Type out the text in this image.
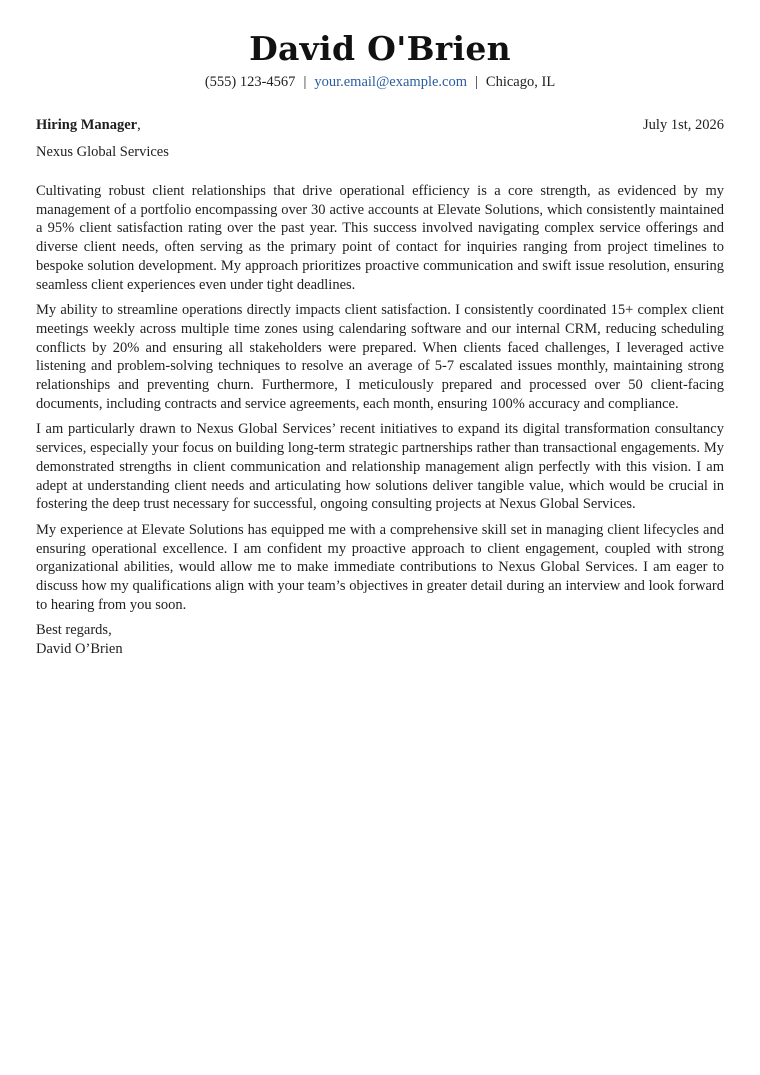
David O'Brien
(555) 123-4567 | your.email@example.com | Chicago, IL
Hiring Manager,	July 1st, 2026
Nexus Global Services

Cultivating robust client relationships that drive operational efficiency is a core strength, as evidenced by my management of a portfolio encompassing over 30 active accounts at Elevate Solutions, which consistently maintained a 95% client satisfaction rating over the past year. This success involved navigating complex service offerings and diverse client needs, often serving as the primary point of contact for inquiries ranging from project timelines to bespoke solution development. My approach prioritizes proactive communication and swift issue resolution, ensuring seamless client experiences even under tight deadlines.

My ability to streamline operations directly impacts client satisfaction. I consistently coordinated 15+ complex client meetings weekly across multiple time zones using calendaring software and our internal CRM, reducing scheduling conflicts by 20% and ensuring all stakeholders were prepared. When clients faced challenges, I leveraged active listening and problem-solving techniques to resolve an average of 5-7 escalated issues monthly, maintaining strong relationships and preventing churn. Furthermore, I meticulously prepared and processed over 50 client-facing documents, including contracts and service agreements, each month, ensuring 100% accuracy and compliance.

I am particularly drawn to Nexus Global Services’ recent initiatives to expand its digital transformation consultancy services, especially your focus on building long-term strategic partnerships rather than transactional engagements. My demonstrated strengths in client communication and relationship management align perfectly with this vision. I am adept at understanding client needs and articulating how solutions deliver tangible value, which would be crucial in fostering the deep trust necessary for successful, ongoing consulting projects at Nexus Global Services.

My experience at Elevate Solutions has equipped me with a comprehensive skill set in managing client lifecycles and ensuring operational excellence. I am confident my proactive approach to client engagement, coupled with strong organizational abilities, would allow me to make immediate contributions to Nexus Global Services. I am eager to discuss how my qualifications align with your team’s objectives in greater detail during an interview and look forward to hearing from you soon.

Best regards,
David O’Brien
